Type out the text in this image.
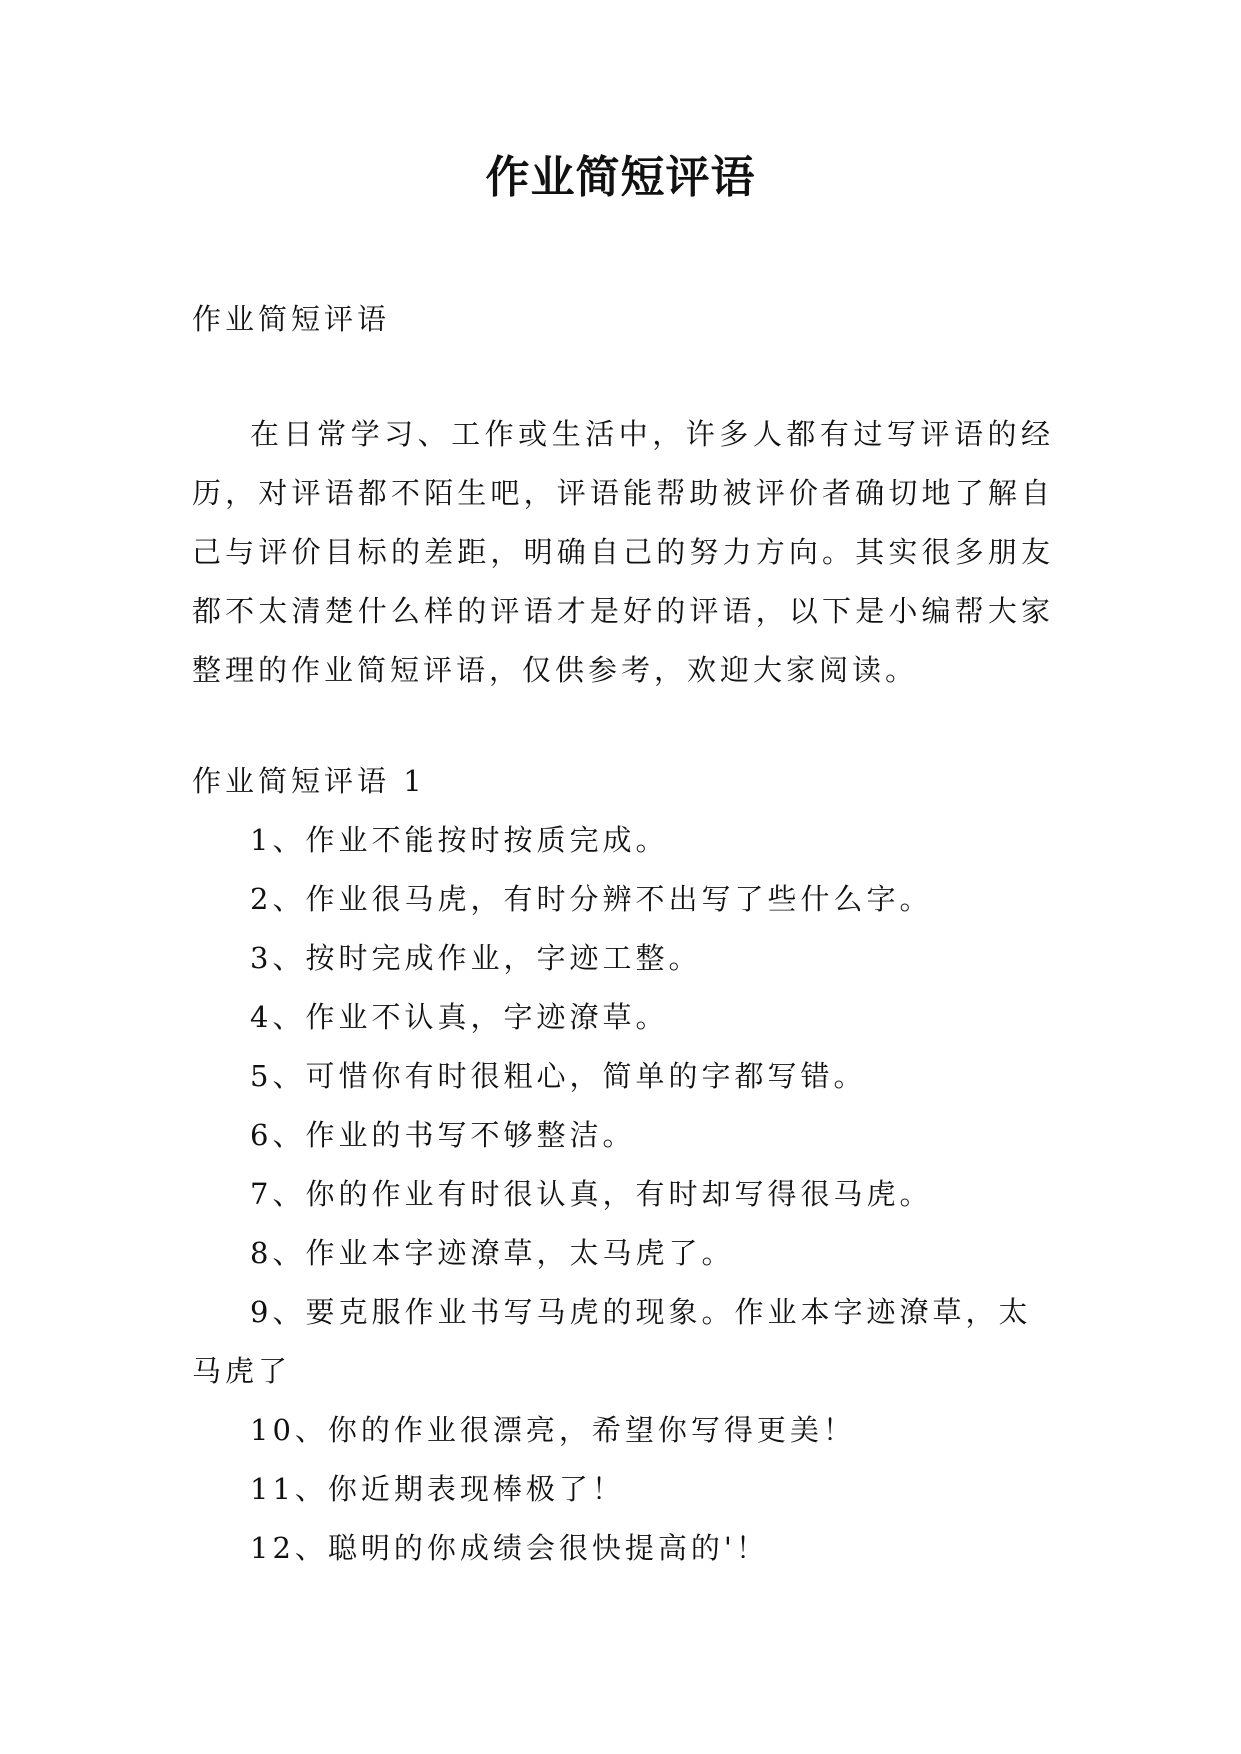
作业简短评语

作业简短评语

在日常学习、工作或生活中，许多人都有过写评语的经历，对评语都不陌生吧，评语能帮助被评价者确切地了解自己与评价目标的差距，明确自己的努力方向。其实很多朋友都不太清楚什么样的评语才是好的评语，以下是小编帮大家整理的作业简短评语，仅供参考，欢迎大家阅读。

作业简短评语 1

1、作业不能按时按质完成。

2、作业很马虎，有时分辨不出写了些什么字。

3、按时完成作业，字迹工整。

4、作业不认真，字迹潦草。

5、可惜你有时很粗心，简单的字都写错。

6、作业的书写不够整洁。

7、你的作业有时很认真，有时却写得很马虎。

8、作业本字迹潦草，太马虎了。

9、要克服作业书写马虎的现象。作业本字迹潦草，太马虎了

10、你的作业很漂亮，希望你写得更美！

11、你近期表现棒极了！

12、聪明的你成绩会很快提高的'！
